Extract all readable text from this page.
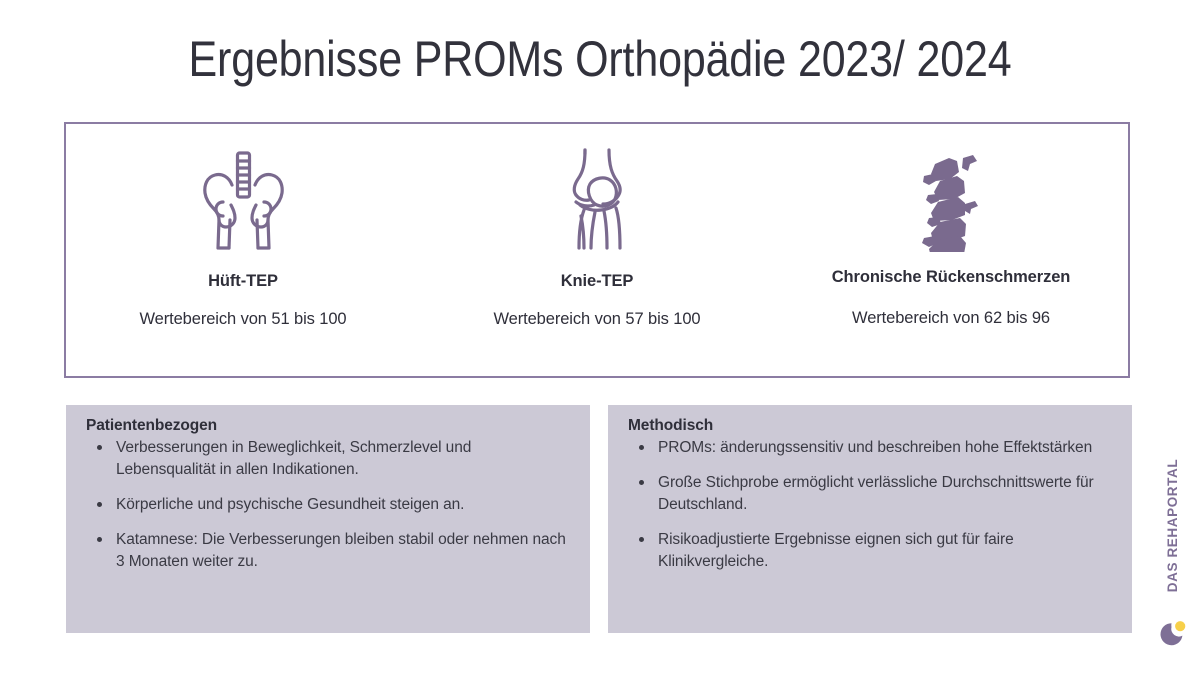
Ergebnisse PROMs Orthopädie 2023/ 2024
Hüft-TEP
Wertebereich von 51 bis 100
Knie-TEP
Wertebereich von 57 bis 100
Chronische Rückenschmerzen
Wertebereich von 62 bis 96
Patientenbezogen
Verbesserungen in Beweglichkeit, Schmerzlevel und Lebensqualität in allen Indikationen.
Körperliche und psychische Gesundheit steigen an.
Katamnese: Die Verbesserungen bleiben stabil oder nehmen nach 3 Monaten weiter zu.
Methodisch
PROMs: änderungssensitiv und beschreiben hohe Effektstärken
Große Stichprobe ermöglicht verlässliche Durchschnittswerte für Deutschland.
Risikoadjustierte Ergebnisse eignen sich gut für faire Klinikvergleiche.	DAS REHAPORTAL
